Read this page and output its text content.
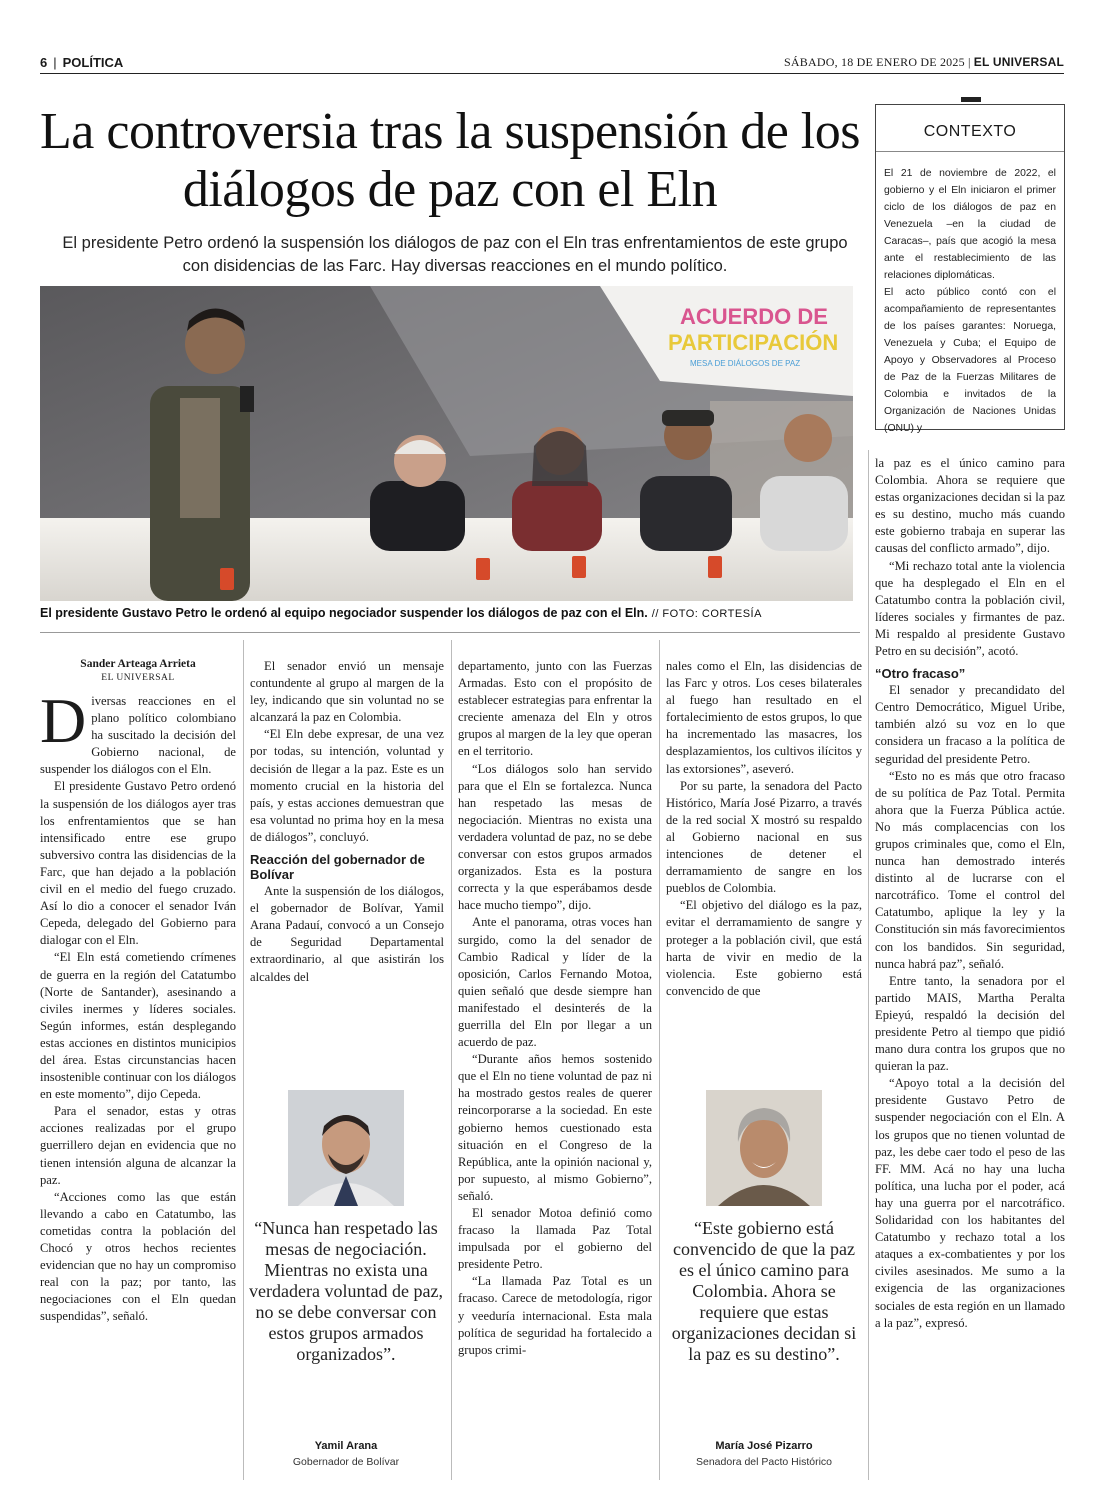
6 | POLÍTICA	SÁBADO, 18 DE ENERO DE 2025 | EL UNIVERSAL
La controversia tras la suspensión de los diálogos de paz con el Eln
El presidente Petro ordenó la suspensión los diálogos de paz con el Eln tras enfrentamientos de este grupo con disidencias de las Farc. Hay diversas reacciones en el mundo político.
ACUERDO DE
PARTICIPACIÓN
MESA DE DIÁLOGOS DE PAZ
El presidente Gustavo Petro le ordenó al equipo negociador suspender los diálogos de paz con el Eln. // FOTO: CORTESÍA
CONTEXTO

El 21 de noviembre de 2022, el gobierno y el Eln iniciaron el primer ciclo de los diálogos de paz en Venezuela –en la ciudad de Caracas–, país que acogió la mesa ante el restablecimiento de las relaciones diplomáticas.

El acto público contó con el acompañamiento de representantes de los países garantes: Noruega, Venezuela y Cuba; el Equipo de Apoyo y Observadores al Proceso de Paz de la Fuerzas Militares de Colombia e invitados de la Organización de Naciones Unidas (ONU) y

Sander Arteaga Arrieta
EL UNIVERSAL

Diversas reacciones en el plano político colombiano ha suscitado la decisión del Gobierno nacional, de suspender los diálogos con el Eln.

El presidente Gustavo Petro ordenó la suspensión de los diálogos ayer tras los enfrentamientos que se han intensificado entre ese grupo subversivo contra las disidencias de la Farc, que han dejado a la población civil en el medio del fuego cruzado. Así lo dio a conocer el senador Iván Cepeda, delegado del Gobierno para dialogar con el Eln.

“El Eln está cometiendo crímenes de guerra en la región del Catatumbo (Norte de Santander), asesinando a civiles inermes y líderes sociales. Según informes, están desplegando estas acciones en distintos municipios del área. Estas circunstancias hacen insostenible continuar con los diálogos en este momento”, dijo Cepeda.

Para el senador, estas y otras acciones realizadas por el grupo guerrillero dejan en evidencia que no tienen intensión alguna de alcanzar la paz.

“Acciones como las que están llevando a cabo en Catatumbo, las cometidas contra la población del Chocó y otros hechos recientes evidencian que no hay un compromiso real con la paz; por tanto, las negociaciones con el Eln quedan suspendidas”, señaló.

El senador envió un mensaje contundente al grupo al margen de la ley, indicando que sin voluntad no se alcanzará la paz en Colombia.

“El Eln debe expresar, de una vez por todas, su intención, voluntad y decisión de llegar a la paz. Este es un momento crucial en la historia del país, y estas acciones demuestran que esa voluntad no prima hoy en la mesa de diálogos”, concluyó.

Reacción del gobernador de Bolívar

Ante la suspensión de los diálogos, el gobernador de Bolívar, Yamil Arana Padauí, convocó a un Consejo de Seguridad Departamental extraordinario, al que asistirán los alcaldes del

departamento, junto con las Fuerzas Armadas. Esto con el propósito de establecer estrategias para enfrentar la creciente amenaza del Eln y otros grupos al margen de la ley que operan en el territorio.

“Los diálogos solo han servido para que el Eln se fortalezca. Nunca han respetado las mesas de negociación. Mientras no exista una verdadera voluntad de paz, no se debe conversar con estos grupos armados organizados. Esta es la postura correcta y la que esperábamos desde hace mucho tiempo”, dijo.

Ante el panorama, otras voces han surgido, como la del senador de Cambio Radical y líder de la oposición, Carlos Fernando Motoa, quien señaló que desde siempre han manifestado el desinterés de la guerrilla del Eln por llegar a un acuerdo de paz.

“Durante años hemos sostenido que el Eln no tiene voluntad de paz ni ha mostrado gestos reales de querer reincorporarse a la sociedad. En este gobierno hemos cuestionado esta situación en el Congreso de la República, ante la opinión nacional y, por supuesto, al mismo Gobierno”, señaló.

El senador Motoa definió como fracaso la llamada Paz Total impulsada por el gobierno del presidente Petro.

“La llamada Paz Total es un fracaso. Carece de metodología, rigor y veeduría internacional. Esta mala política de seguridad ha fortalecido a grupos crimi-

nales como el Eln, las disidencias de las Farc y otros. Los ceses bilaterales al fuego han resultado en el fortalecimiento de estos grupos, lo que ha incrementado las masacres, los desplazamientos, los cultivos ilícitos y las extorsiones”, aseveró.

Por su parte, la senadora del Pacto Histórico, María José Pizarro, a través de la red social X mostró su respaldo al Gobierno nacional en sus intenciones de detener el derramamiento de sangre en los pueblos de Colombia.

“El objetivo del diálogo es la paz, evitar el derramamiento de sangre y proteger a la población civil, que está harta de vivir en medio de la violencia. Este gobierno está convencido de que

la paz es el único camino para Colombia. Ahora se requiere que estas organizaciones decidan si la paz es su destino, mucho más cuando este gobierno trabaja en superar las causas del conflicto armado”, dijo.

“Mi rechazo total ante la violencia que ha desplegado el Eln en el Catatumbo contra la población civil, líderes sociales y firmantes de paz. Mi respaldo al presidente Gustavo Petro en su decisión”, acotó.

“Otro fracaso”

El senador y precandidato del Centro Democrático, Miguel Uribe, también alzó su voz en lo que considera un fracaso a la política de seguridad del presidente Petro.

“Esto no es más que otro fracaso de su política de Paz Total. Permita ahora que la Fuerza Pública actúe. No más complacencias con los grupos criminales que, como el Eln, nunca han demostrado interés distinto al de lucrarse con el narcotráfico. Tome el control del Catatumbo, aplique la ley y la Constitución sin más favorecimientos con los bandidos. Sin seguridad, nunca habrá paz”, señaló.

Entre tanto, la senadora por el partido MAIS, Martha Peralta Epieyú, respaldó la decisión del presidente Petro al tiempo que pidió mano dura contra los grupos que no quieran la paz.

“Apoyo total a la decisión del presidente Gustavo Petro de suspender negociación con el Eln. A los grupos que no tienen voluntad de paz, les debe caer todo el peso de las FF. MM. Acá no hay una lucha política, una lucha por el poder, acá hay una guerra por el narcotráfico. Solidaridad con los habitantes del Catatumbo y rechazo total a los ataques a ex-combatientes y por los civiles asesinados. Me sumo a la exigencia de las organizaciones sociales de esta región en un llamado a la paz”, expresó.

“Nunca han respetado las mesas de negociación. Mientras no exista una verdadera voluntad de paz, no se debe conversar con estos grupos armados organizados”.
Yamil Arana
Gobernador de Bolívar
“Este gobierno está convencido de que la paz es el único camino para Colombia. Ahora se requiere que estas organizaciones decidan si la paz es su destino”.
María José Pizarro
Senadora del Pacto Histórico
